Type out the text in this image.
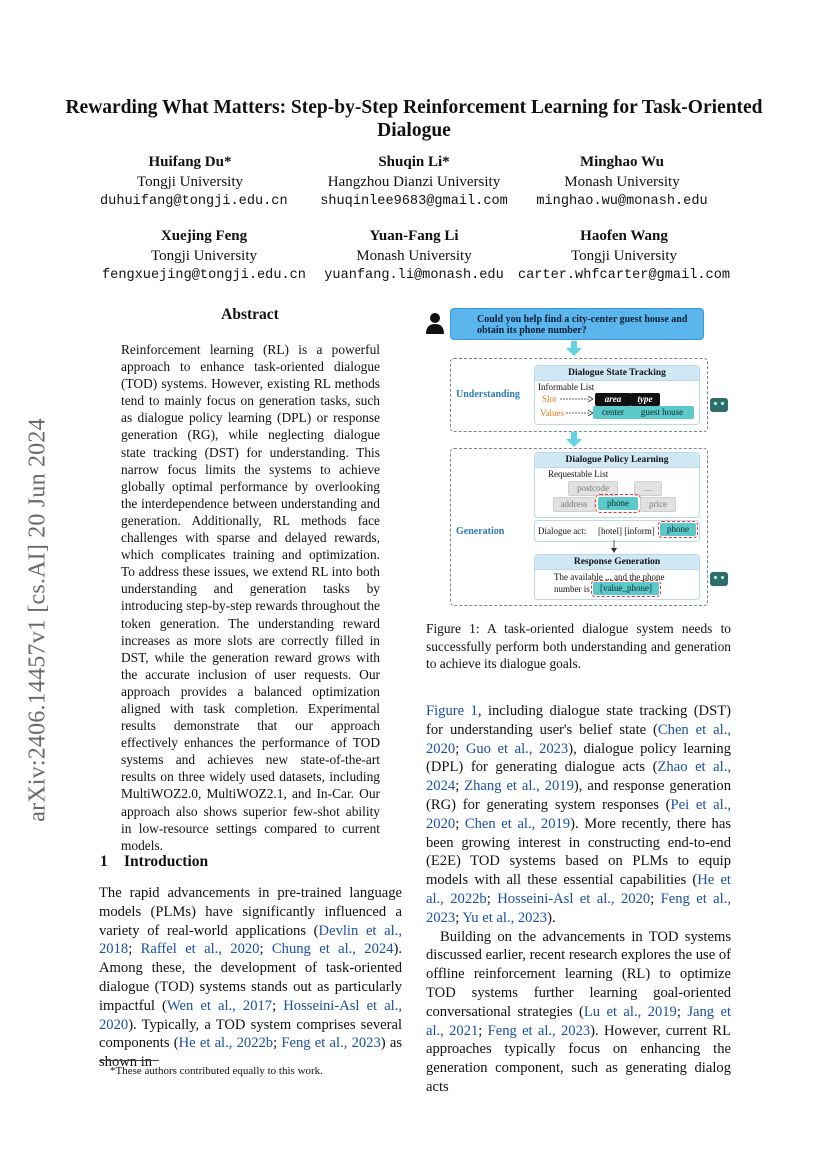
Rewarding What Matters: Step-by-Step Reinforcement Learning for Task-Oriented Dialogue
Huifang Du*
Tongji University
duhuifang@tongji.edu.cn
Shuqin Li*
Hangzhou Dianzi University
shuqinlee9683@gmail.com
Minghao Wu
Monash University
minghao.wu@monash.edu
Xuejing Feng
Tongji University
fengxuejing@tongji.edu.cn
Yuan-Fang Li
Monash University
yuanfang.li@monash.edu
Haofen Wang
Tongji University
carter.whfcarter@gmail.com
arXiv:2406.14457v1 [cs.AI] 20 Jun 2024
Abstract
Reinforcement learning (RL) is a powerful approach to enhance task-oriented dialogue (TOD) systems. However, existing RL methods tend to mainly focus on generation tasks, such as dialogue policy learning (DPL) or response generation (RG), while neglecting dialogue state tracking (DST) for understanding. This narrow focus limits the systems to achieve globally optimal performance by overlooking the interdependence between understanding and generation. Additionally, RL methods face challenges with sparse and delayed rewards, which complicates training and optimization. To address these issues, we extend RL into both understanding and generation tasks by introducing step-by-step rewards throughout the token generation. The understanding reward increases as more slots are correctly filled in DST, while the generation reward grows with the accurate inclusion of user requests. Our approach provides a balanced optimization aligned with task completion. Experimental results demonstrate that our approach effectively enhances the performance of TOD systems and achieves new state-of-the-art results on three widely used datasets, including MultiWOZ2.0, MultiWOZ2.1, and In-Car. Our approach also shows superior few-shot ability in low-resource settings compared to current models.
1 Introduction
The rapid advancements in pre-trained language models (PLMs) have significantly influenced a variety of real-world applications (Devlin et al., 2018; Raffel et al., 2020; Chung et al., 2024). Among these, the development of task-oriented dialogue (TOD) systems stands out as particularly impactful (Wen et al., 2017; Hosseini-Asl et al., 2020). Typically, a TOD system comprises several components (He et al., 2022b; Feng et al., 2023) as shown in
*These authors contributed equally to this work.
Figure 1, including dialogue state tracking (DST) for understanding user's belief state (Chen et al., 2020; Guo et al., 2023), dialogue policy learning (DPL) for generating dialogue acts (Zhao et al., 2024; Zhang et al., 2019), and response generation (RG) for generating system responses (Pei et al., 2020; Chen et al., 2019). More recently, there has been growing interest in constructing end-to-end (E2E) TOD systems based on PLMs to equip models with all these essential capabilities (He et al., 2022b; Hosseini-Asl et al., 2020; Feng et al., 2023; Yu et al., 2023).
Building on the advancements in TOD systems discussed earlier, recent research explores the use of offline reinforcement learning (RL) to optimize TOD systems further learning goal-oriented conversational strategies (Lu et al., 2019; Jang et al., 2021; Feng et al., 2023). However, current RL approaches typically focus on enhancing the generation component, such as generating dialog acts
Could you help find a city-center guest house and obtain its phone number?
Understanding
Dialogue State Tracking
Informable List
Slot
Values
area	type
center	guest house
Generation
Dialogue Policy Learning
Requestable List
postcode	...
address	phone	price
Dialogue act: [hotel] [inform]	phone
Response Generation
The available ... and the phone
number is	[value_phone]
Figure 1: A task-oriented dialogue system needs to successfully perform both understanding and generation to achieve its dialogue goals.
